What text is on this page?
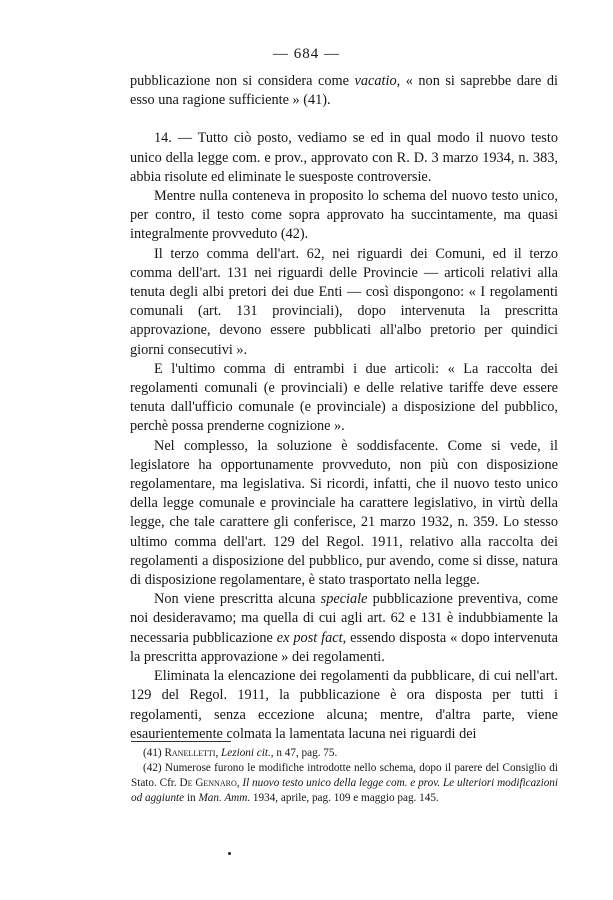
— 684 —

pubblicazione non si considera come vacatio, « non si saprebbe dare di esso una ragione sufficiente » (41).

14. — Tutto ciò posto, vediamo se ed in qual modo il nuovo testo unico della legge com. e prov., approvato con R. D. 3 marzo 1934, n. 383, abbia risolute ed eliminate le suesposte controversie.

Mentre nulla conteneva in proposito lo schema del nuovo testo unico, per contro, il testo come sopra approvato ha succintamente, ma quasi integralmente provveduto (42).

Il terzo comma dell'art. 62, nei riguardi dei Comuni, ed il terzo comma dell'art. 131 nei riguardi delle Provincie — articoli relativi alla tenuta degli albi pretori dei due Enti — così dispongono: « I regolamenti comunali (art. 131 provinciali), dopo intervenuta la prescritta approvazione, devono essere pubblicati all'albo pretorio per quindici giorni consecutivi ».

E l'ultimo comma di entrambi i due articoli: « La raccolta dei regolamenti comunali (e provinciali) e delle relative tariffe deve essere tenuta dall'ufficio comunale (e provinciale) a disposizione del pubblico, perchè possa prenderne cognizione ».

Nel complesso, la soluzione è soddisfacente. Come si vede, il legislatore ha opportunamente provveduto, non più con disposizione regolamentare, ma legislativa. Si ricordi, infatti, che il nuovo testo unico della legge comunale e provinciale ha carattere legislativo, in virtù della legge, che tale carattere gli conferisce, 21 marzo 1932, n. 359. Lo stesso ultimo comma dell'art. 129 del Regol. 1911, relativo alla raccolta dei regolamenti a disposizione del pubblico, pur avendo, come si disse, natura di disposizione regolamentare, è stato trasportato nella legge.

Non viene prescritta alcuna speciale pubblicazione preventiva, come noi desideravamo; ma quella di cui agli art. 62 e 131 è indubbiamente la necessaria pubblicazione ex post fact, essendo disposta « dopo intervenuta la prescritta approvazione » dei regolamenti.

Eliminata la elencazione dei regolamenti da pubblicare, di cui nell'art. 129 del Regol. 1911, la pubblicazione è ora disposta per tutti i regolamenti, senza eccezione alcuna; mentre, d'altra parte, viene esaurientemente colmata la lamentata lacuna nei riguardi dei

(41) Ranelletti, Lezioni cit., n 47, pag. 75.

(42) Numerose furono le modifiche introdotte nello schema, dopo il parere del Consiglio di Stato. Cfr. De Gennaro, Il nuovo testo unico della legge com. e prov. Le ulteriori modificazioni od aggiunte in Man. Amm. 1934, aprile, pag. 109 e maggio pag. 145.
